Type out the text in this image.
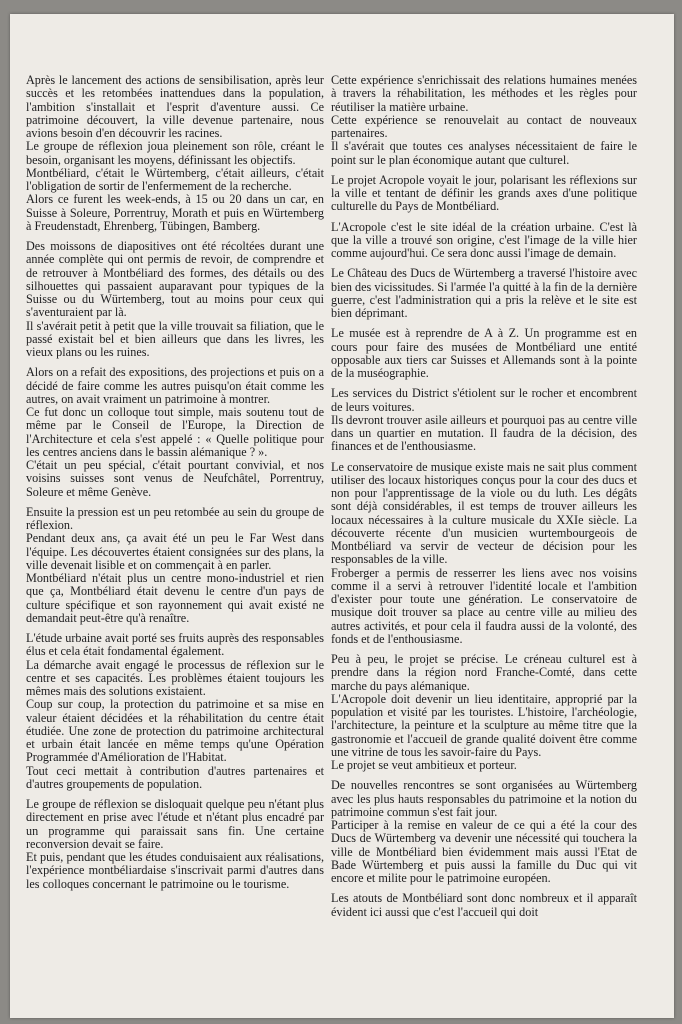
Après le lancement des actions de sensibilisation, après leur succès et les retombées inattendues dans la population, l'ambition s'installait et l'esprit d'aventure aussi. Ce patrimoine découvert, la ville devenue partenaire, nous avions besoin d'en découvrir les racines.

Le groupe de réflexion joua pleinement son rôle, créant le besoin, organisant les moyens, définissant les objectifs.

Montbéliard, c'était le Würtemberg, c'était ailleurs, c'était l'obligation de sortir de l'enfermement de la recherche.

Alors ce furent les week-ends, à 15 ou 20 dans un car, en Suisse à Soleure, Porrentruy, Morath et puis en Würtemberg à Freudenstadt, Ehrenberg, Tübingen, Bamberg.

Des moissons de diapositives ont été récoltées durant une année complète qui ont permis de revoir, de comprendre et de retrouver à Montbéliard des formes, des détails ou des silhouettes qui passaient auparavant pour typiques de la Suisse ou du Würtemberg, tout au moins pour ceux qui s'aventuraient par là.

Il s'avérait petit à petit que la ville trouvait sa filiation, que le passé existait bel et bien ailleurs que dans les livres, les vieux plans ou les ruines.

Alors on a refait des expositions, des projections et puis on a décidé de faire comme les autres puisqu'on était comme les autres, on avait vraiment un patrimoine à montrer.

Ce fut donc un colloque tout simple, mais soutenu tout de même par le Conseil de l'Europe, la Direction de l'Architecture et cela s'est appelé : « Quelle politique pour les centres anciens dans le bassin alémanique ? ».

C'était un peu spécial, c'était pourtant convivial, et nos voisins suisses sont venus de Neufchâtel, Porrentruy, Soleure et même Genève.

Ensuite la pression est un peu retombée au sein du groupe de réflexion.

Pendant deux ans, ça avait été un peu le Far West dans l'équipe. Les découvertes étaient consignées sur des plans, la ville devenait lisible et on commençait à en parler.

Montbéliard n'était plus un centre mono-industriel et rien que ça, Montbéliard était devenu le centre d'un pays de culture spécifique et son rayonnement qui avait existé ne demandait peut-être qu'à renaître.

L'étude urbaine avait porté ses fruits auprès des responsables élus et cela était fondamental également.

La démarche avait engagé le processus de réflexion sur le centre et ses capacités. Les problèmes étaient toujours les mêmes mais des solutions existaient.

Coup sur coup, la protection du patrimoine et sa mise en valeur étaient décidées et la réhabilitation du centre était étudiée. Une zone de protection du patrimoine architectural et urbain était lancée en même temps qu'une Opération Programmée d'Amélioration de l'Habitat.

Tout ceci mettait à contribution d'autres partenaires et d'autres groupements de population.

Le groupe de réflexion se disloquait quelque peu n'étant plus directement en prise avec l'étude et n'étant plus encadré par un programme qui paraissait sans fin. Une certaine reconversion devait se faire.

Et puis, pendant que les études conduisaient aux réalisations, l'expérience montbéliardaise s'inscrivait parmi d'autres dans les colloques concernant le patrimoine ou le tourisme.

Cette expérience s'enrichissait des relations humaines menées à travers la réhabilitation, les méthodes et les règles pour réutiliser la matière urbaine.

Cette expérience se renouvelait au contact de nouveaux partenaires.

Il s'avérait que toutes ces analyses nécessitaient de faire le point sur le plan économique autant que culturel.

Le projet Acropole voyait le jour, polarisant les réflexions sur la ville et tentant de définir les grands axes d'une politique culturelle du Pays de Montbéliard.

L'Acropole c'est le site idéal de la création urbaine. C'est là que la ville a trouvé son origine, c'est l'image de la ville hier comme aujourd'hui. Ce sera donc aussi l'image de demain.

Le Château des Ducs de Würtemberg a traversé l'histoire avec bien des vicissitudes. Si l'armée l'a quitté à la fin de la dernière guerre, c'est l'administration qui a pris la relève et le site est bien déprimant.

Le musée est à reprendre de A à Z. Un programme est en cours pour faire des musées de Montbéliard une entité opposable aux tiers car Suisses et Allemands sont à la pointe de la muséographie.

Les services du District s'étiolent sur le rocher et encombrent de leurs voitures.

Ils devront trouver asile ailleurs et pourquoi pas au centre ville dans un quartier en mutation. Il faudra de la décision, des finances et de l'enthousiasme.

Le conservatoire de musique existe mais ne sait plus comment utiliser des locaux historiques conçus pour la cour des ducs et non pour l'apprentissage de la viole ou du luth. Les dégâts sont déjà considérables, il est temps de trouver ailleurs les locaux nécessaires à la culture musicale du XXIe siècle. La découverte récente d'un musicien wurtembourgeois de Montbéliard va servir de vecteur de décision pour les responsables de la ville.

Froberger a permis de resserrer les liens avec nos voisins comme il a servi à retrouver l'identité locale et l'ambition d'exister pour toute une génération. Le conservatoire de musique doit trouver sa place au centre ville au milieu des autres activités, et pour cela il faudra aussi de la volonté, des fonds et de l'enthousiasme.

Peu à peu, le projet se précise. Le créneau culturel est à prendre dans la région nord Franche-Comté, dans cette marche du pays alémanique.

L'Acropole doit devenir un lieu identitaire, approprié par la population et visité par les touristes. L'histoire, l'archéologie, l'architecture, la peinture et la sculpture au même titre que la gastronomie et l'accueil de grande qualité doivent être comme une vitrine de tous les savoir-faire du Pays.

Le projet se veut ambitieux et porteur.

De nouvelles rencontres se sont organisées au Würtemberg avec les plus hauts responsables du patrimoine et la notion du patrimoine commun s'est fait jour.

Participer à la remise en valeur de ce qui a été la cour des Ducs de Würtemberg va devenir une nécessité qui touchera la ville de Montbéliard bien évidemment mais aussi l'Etat de Bade Würtemberg et puis aussi la famille du Duc qui vit encore et milite pour le patrimoine européen.

Les atouts de Montbéliard sont donc nombreux et il apparaît évident ici aussi que c'est l'accueil qui doit
